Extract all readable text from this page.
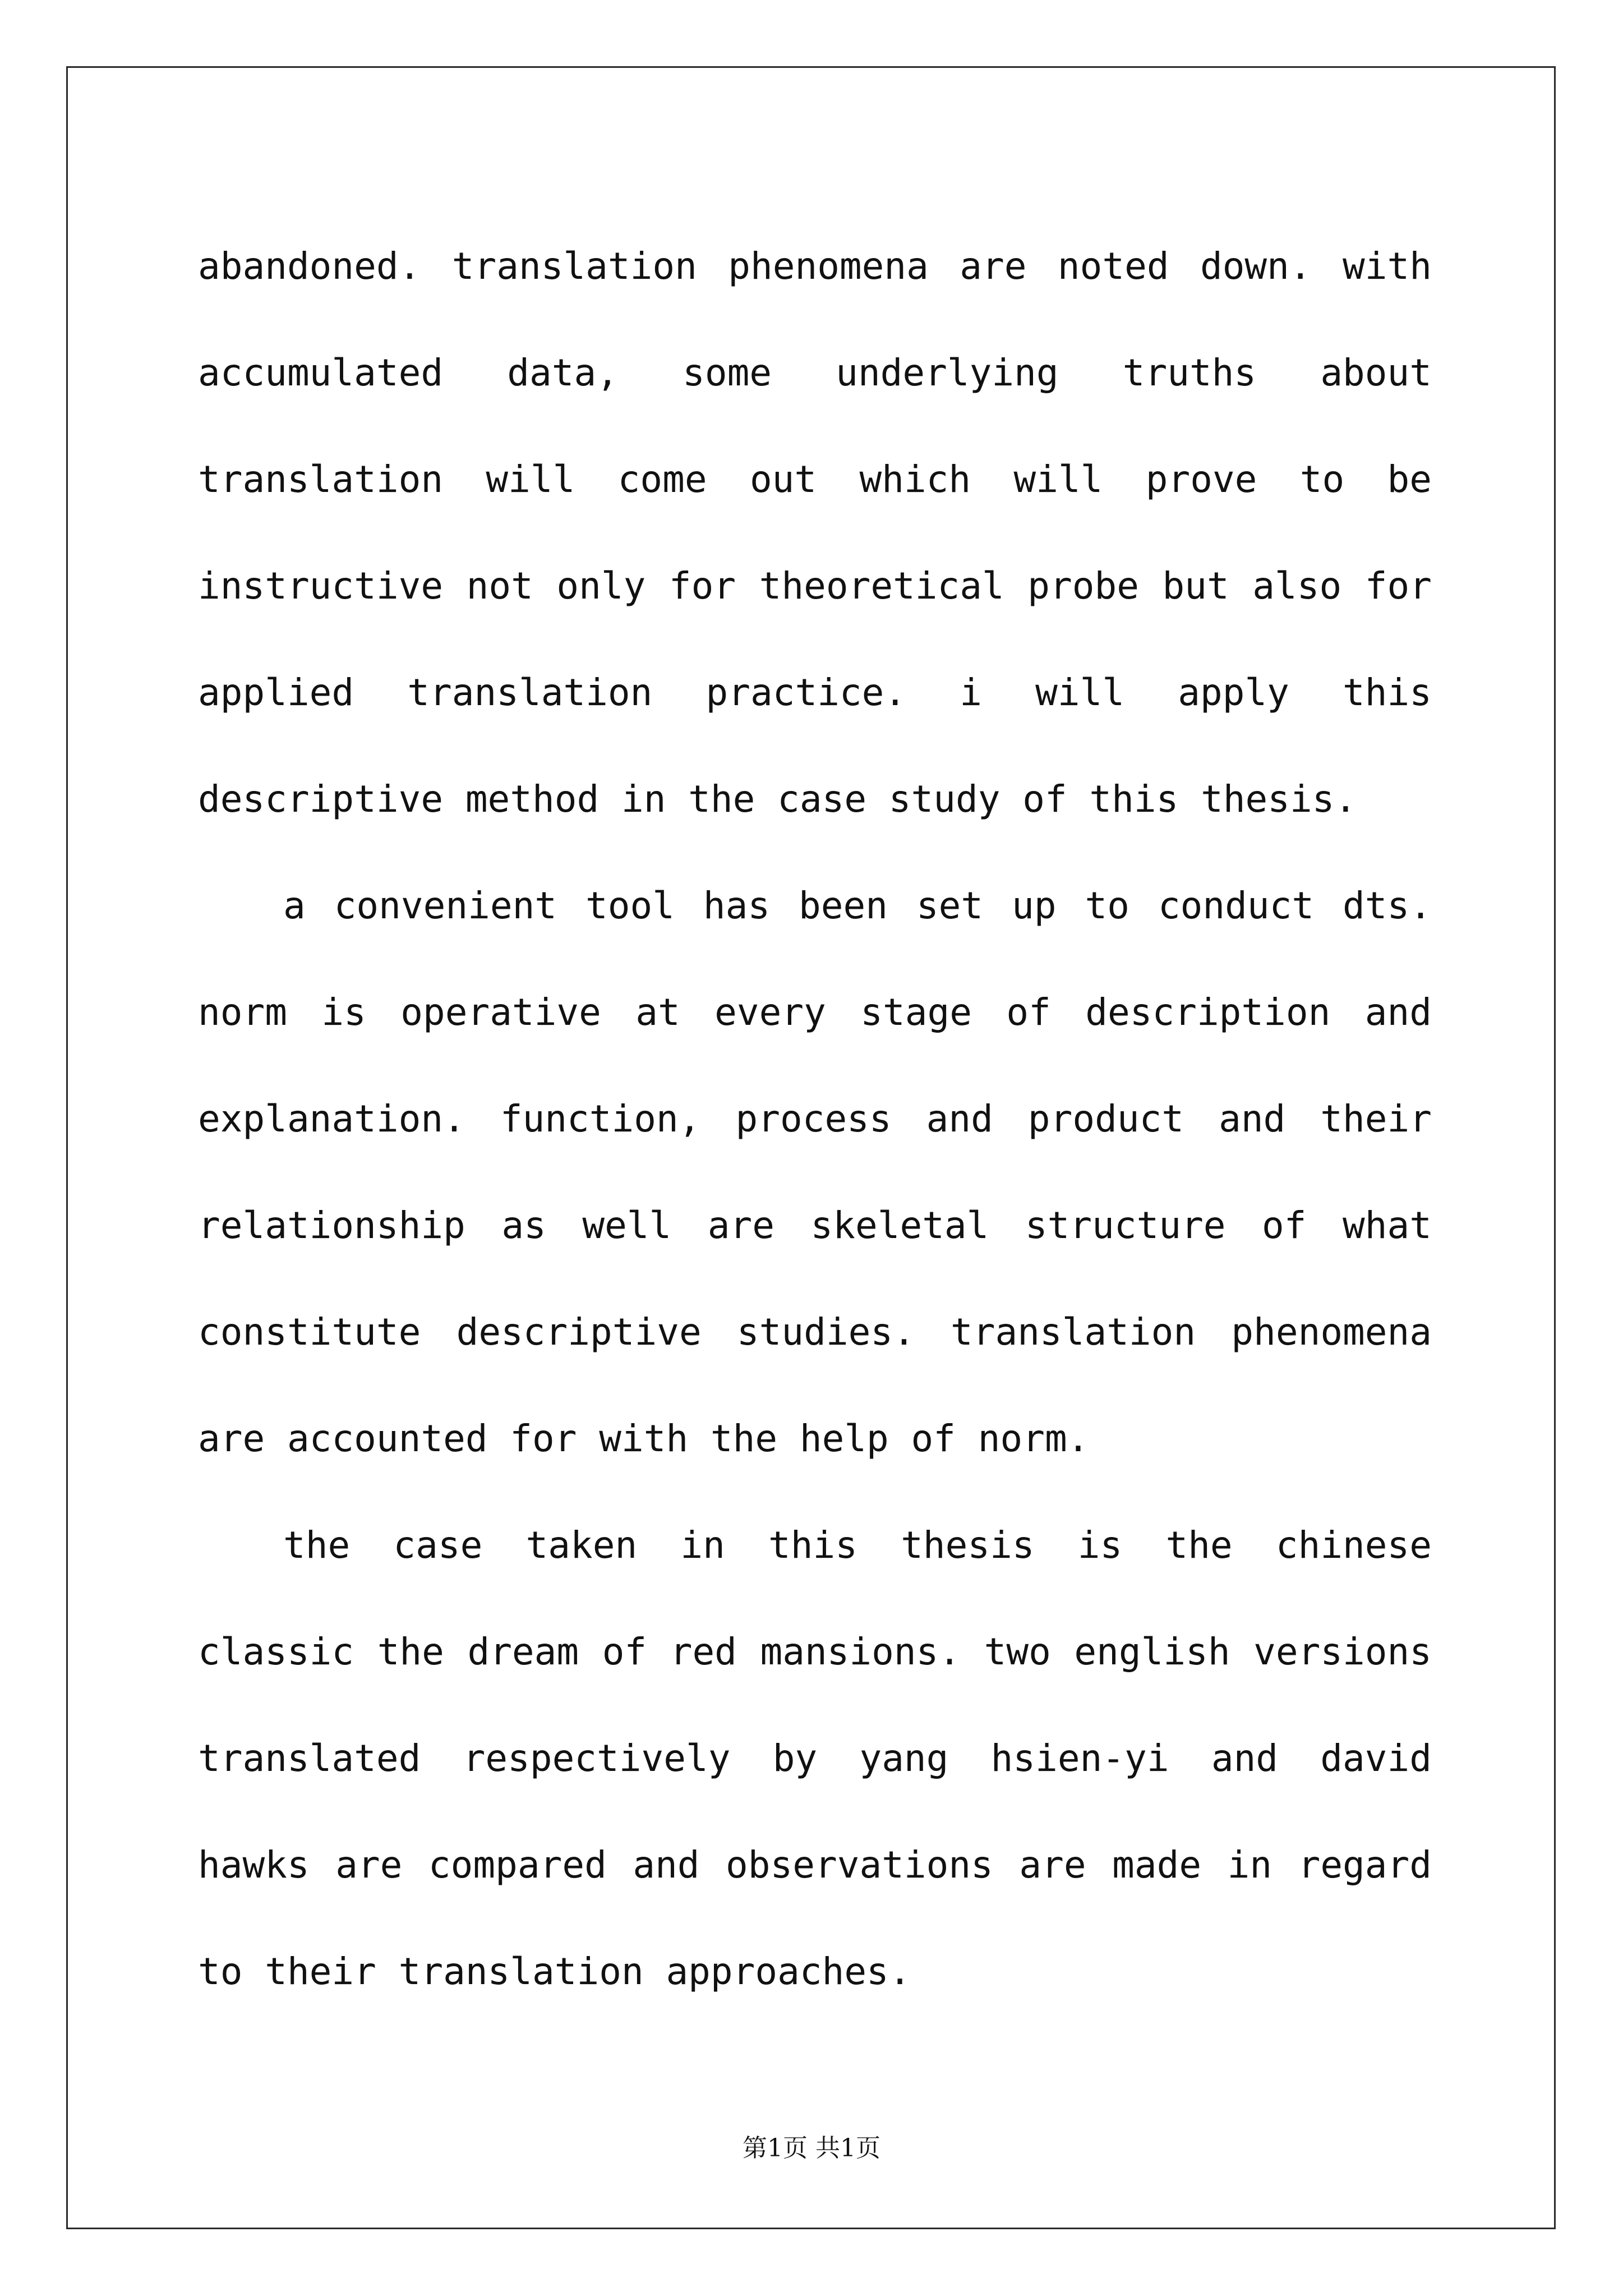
abandoned. translation phenomena are noted down. with accumulated data, some underlying truths about translation will come out which will prove to be instructive not only for theoretical probe but also for applied translation practice. i will apply this descriptive method in the case study of this thesis.

a convenient tool has been set up to conduct dts. norm is operative at every stage of description and explanation. function, process and product and their relationship as well are skeletal structure of what constitute descriptive studies. translation phenomena are accounted for with the help of norm.

the case taken in this thesis is the chinese classic the dream of red mansions. two english versions translated respectively by yang hsien-yi and david hawks are compared and observations are made in regard to their translation approaches.

第1页 共1页
